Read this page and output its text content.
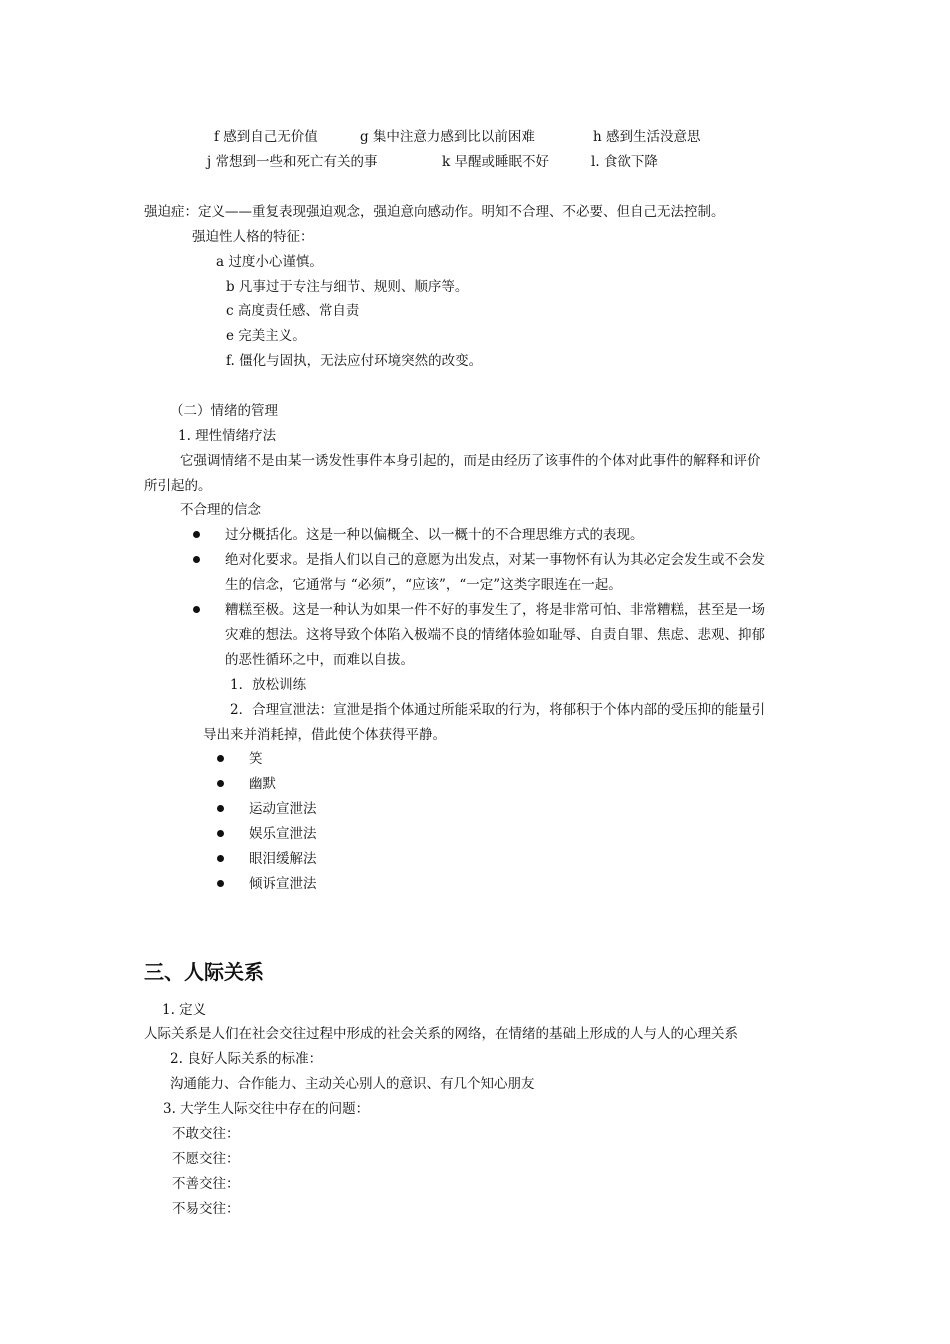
f 感到自己无价值	g 集中注意力感到比以前困难	h 感到生活没意思
j 常想到一些和死亡有关的事	k 早醒或睡眠不好	l. 食欲下降
强迫症：定义——重复表现强迫观念，强迫意向感动作。明知不合理、不必要、但自己无法控制。
强迫性人格的特征：
a 过度小心谨慎。
b 凡事过于专注与细节、规则、顺序等。
c 高度责任感、常自责
e 完美主义。
f. 僵化与固执，无法应付环境突然的改变。
（二）情绪的管理
1. 理性情绪疗法
它强调情绪不是由某一诱发性事件本身引起的，而是由经历了该事件的个体对此事件的解释和评价
所引起的。
不合理的信念
过分概括化。这是一种以偏概全、以一概十的不合理思维方式的表现。
绝对化要求。是指人们以自己的意愿为出发点，对某一事物怀有认为其必定会发生或不会发
生的信念，它通常与 “必须”，“应该”，“一定”这类字眼连在一起。
糟糕至极。这是一种认为如果一件不好的事发生了，将是非常可怕、非常糟糕，甚至是一场
灾难的想法。这将导致个体陷入极端不良的情绪体验如耻辱、自责自罪、焦虑、悲观、抑郁
的恶性循环之中，而难以自拔。
1．放松训练
2．合理宣泄法：宣泄是指个体通过所能采取的行为，将郁积于个体内部的受压抑的能量引
导出来并消耗掉，借此使个体获得平静。
笑
幽默
运动宣泄法
娱乐宣泄法
眼泪缓解法
倾诉宣泄法
三、人际关系
1. 定义
人际关系是人们在社会交往过程中形成的社会关系的网络，在情绪的基础上形成的人与人的心理关系
2. 良好人际关系的标准：
沟通能力、合作能力、主动关心别人的意识、有几个知心朋友
3. 大学生人际交往中存在的问题：
不敢交往：
不愿交往：
不善交往：
不易交往：
